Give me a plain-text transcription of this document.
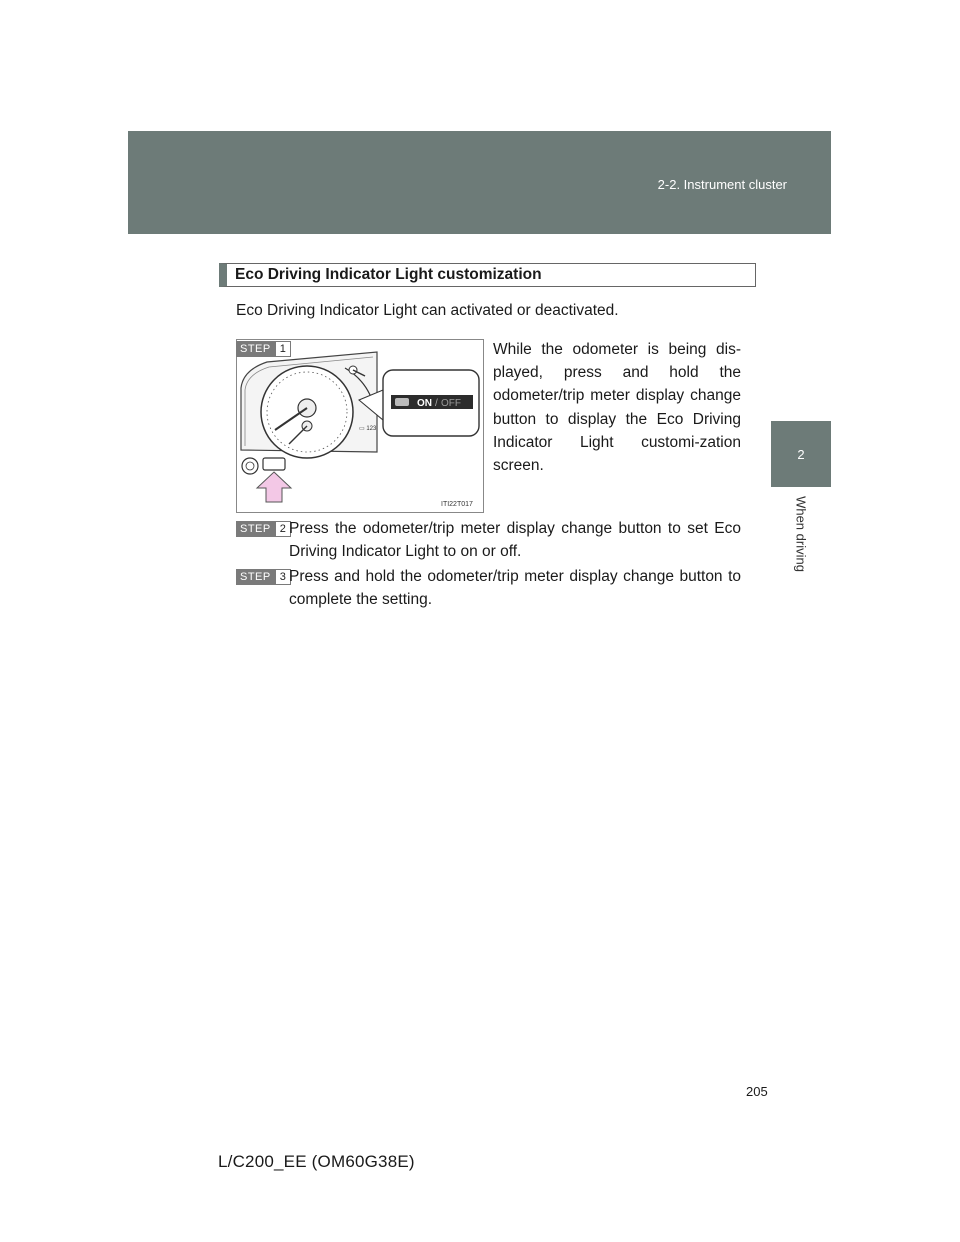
2-2. Instrument cluster
2
When driving
Eco Driving Indicator Light customization
Eco Driving Indicator Light can activated or deactivated.
STEP 1
▭ 123
ON / OFF
ITI22T017
While the odometer is being dis-played, press and hold the odometer/trip meter display change button to display the Eco Driving Indicator Light customi-zation screen.
STEP 2 Press the odometer/trip meter display change button to set Eco Driving Indicator Light to on or off.
STEP 3 Press and hold the odometer/trip meter display change button to complete the setting.
205
L/C200_EE (OM60G38E)
